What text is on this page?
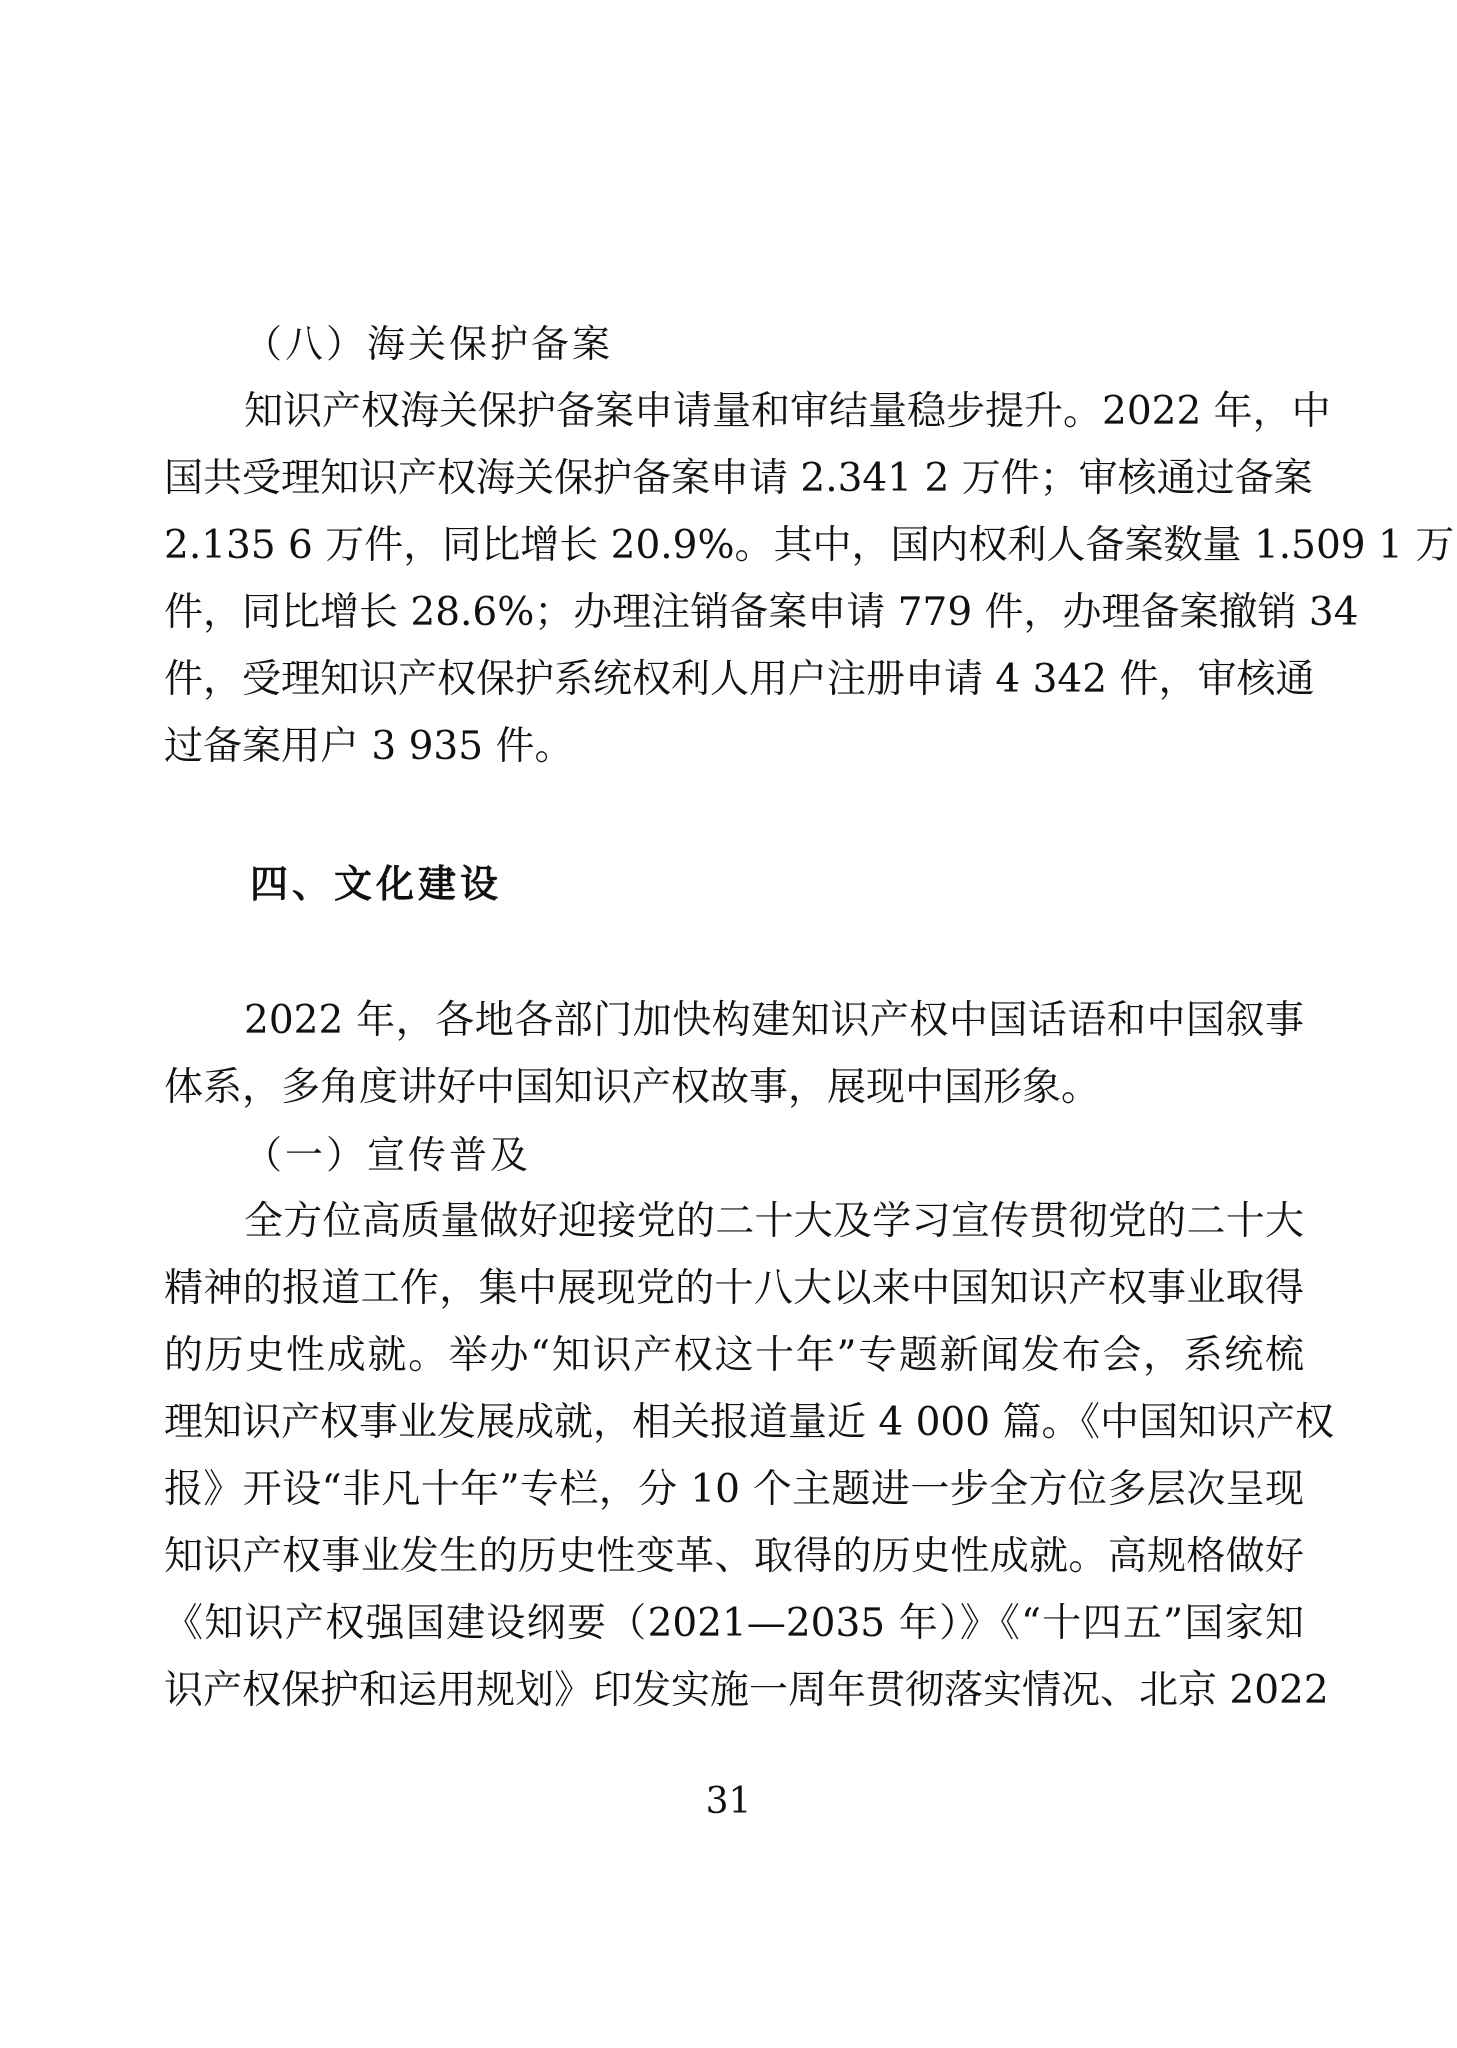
（八）海关保护备案
知识产权海关保护备案申请量和审结量稳步提升。2022 年，中
国共受理知识产权海关保护备案申请 2.341 2 万件；审核通过备案
2.135 6 万件，同比增长 20.9%。其中，国内权利人备案数量 1.509 1 万
件，同比增长 28.6%；办理注销备案申请 779 件，办理备案撤销 34
件，受理知识产权保护系统权利人用户注册申请 4 342 件，审核通
过备案用户 3 935 件。
四、文化建设
2022 年，各地各部门加快构建知识产权中国话语和中国叙事
体系，多角度讲好中国知识产权故事，展现中国形象。
（一）宣传普及
全方位高质量做好迎接党的二十大及学习宣传贯彻党的二十大
精神的报道工作，集中展现党的十八大以来中国知识产权事业取得
的历史性成就。举办“知识产权这十年”专题新闻发布会，系统梳
理知识产权事业发展成就，相关报道量近 4 000 篇。《中国知识产权
报》开设“非凡十年”专栏，分 10 个主题进一步全方位多层次呈现
知识产权事业发生的历史性变革、取得的历史性成就。高规格做好
《知识产权强国建设纲要（2021—2035 年）》《“十四五”国家知
识产权保护和运用规划》印发实施一周年贯彻落实情况、北京 2022
31
